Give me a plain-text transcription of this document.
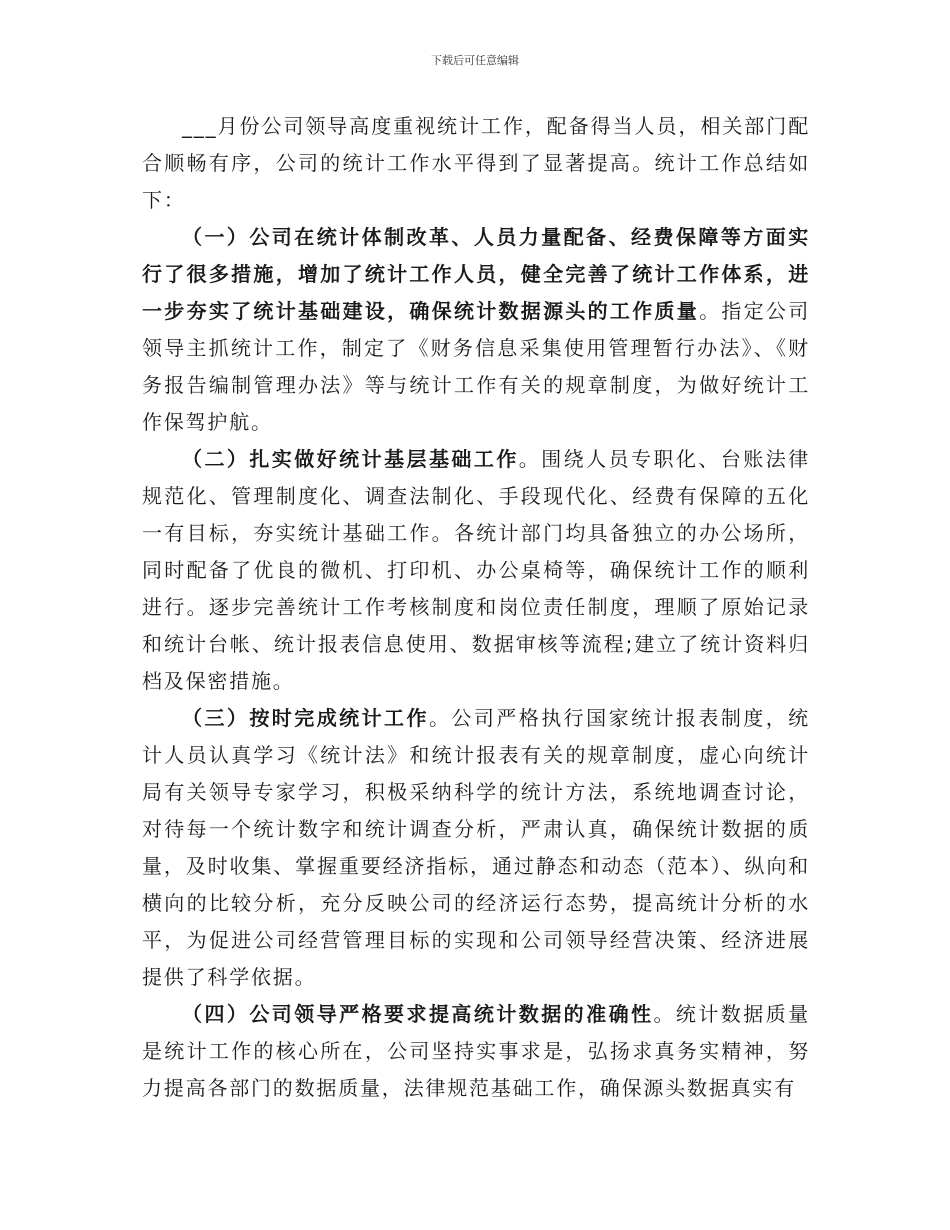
下载后可任意编辑

___月份公司领导高度重视统计工作，配备得当人员，相关部门配合顺畅有序，公司的统计工作水平得到了显著提高。统计工作总结如下：

（一）公司在统计体制改革、人员力量配备、经费保障等方面实行了很多措施，增加了统计工作人员，健全完善了统计工作体系，进一步夯实了统计基础建设，确保统计数据源头的工作质量。指定公司领导主抓统计工作，制定了《财务信息采集使用管理暂行办法》、《财务报告编制管理办法》等与统计工作有关的规章制度，为做好统计工作保驾护航。

（二）扎实做好统计基层基础工作。围绕人员专职化、台账法律规范化、管理制度化、调查法制化、手段现代化、经费有保障的五化一有目标，夯实统计基础工作。各统计部门均具备独立的办公场所，同时配备了优良的微机、打印机、办公桌椅等，确保统计工作的顺利进行。逐步完善统计工作考核制度和岗位责任制度，理顺了原始记录和统计台帐、统计报表信息使用、数据审核等流程;建立了统计资料归档及保密措施。

（三）按时完成统计工作。公司严格执行国家统计报表制度，统计人员认真学习《统计法》和统计报表有关的规章制度，虚心向统计局有关领导专家学习，积极采纳科学的统计方法，系统地调查讨论，对待每一个统计数字和统计调查分析，严肃认真，确保统计数据的质量，及时收集、掌握重要经济指标，通过静态和动态（范本）、纵向和横向的比较分析，充分反映公司的经济运行态势，提高统计分析的水平，为促进公司经营管理目标的实现和公司领导经营决策、经济进展提供了科学依据。

（四）公司领导严格要求提高统计数据的准确性。统计数据质量是统计工作的核心所在，公司坚持实事求是，弘扬求真务实精神，努力提高各部门的数据质量，法律规范基础工作，确保源头数据真实有
